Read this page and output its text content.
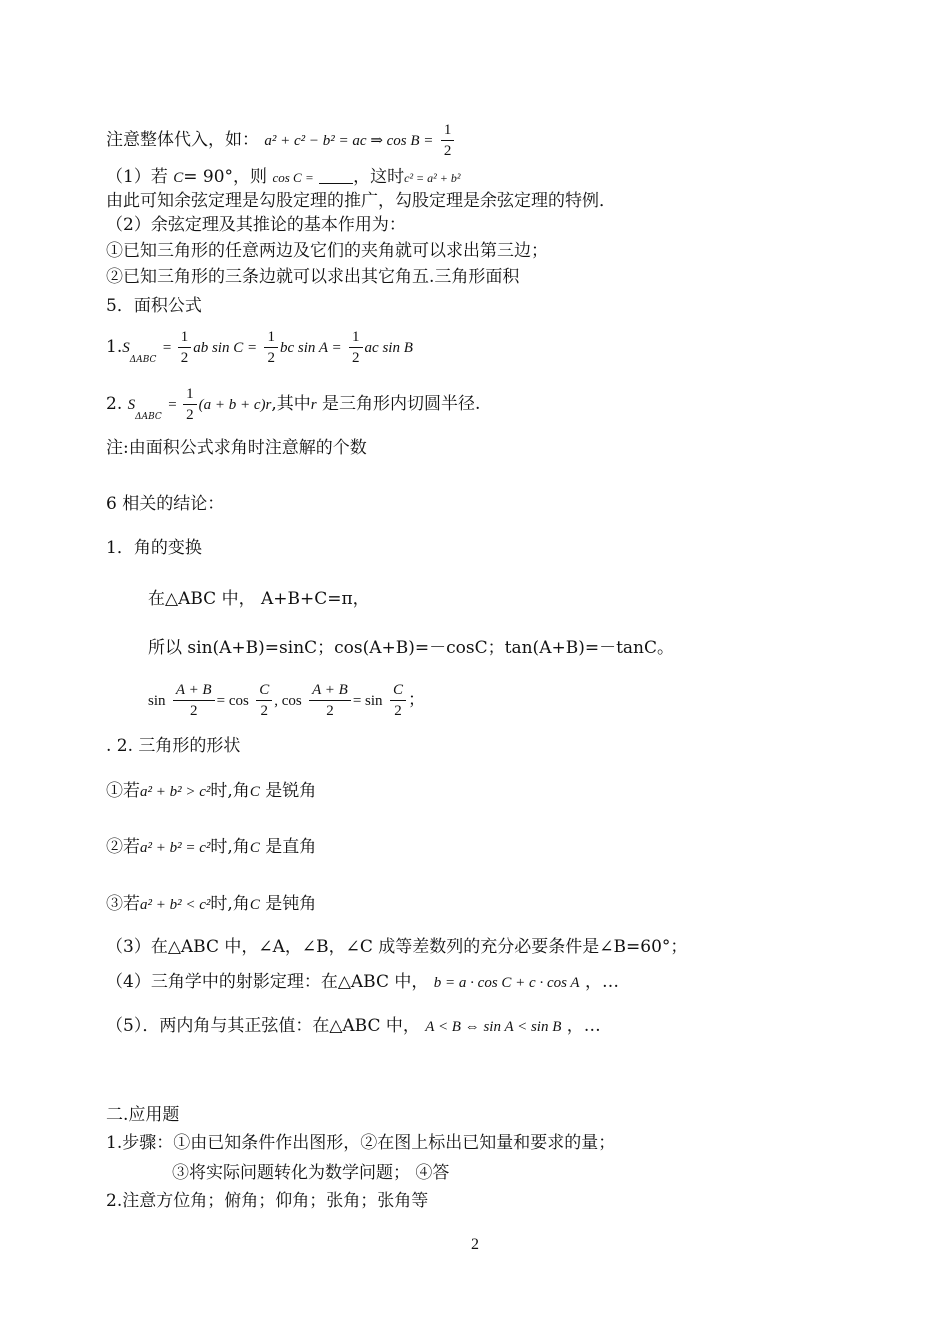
注意整体代入，如： a² + c² − b² = ac ⇒ $\cos B = \frac{1}{2}$
（1）若 C= 90°，则 cos C = ，这时c² = a² + b²
由此可知余弦定理是勾股定理的推广，勾股定理是余弦定理的特例．
（2）余弦定理及其推论的基本作用为：
①已知三角形的任意两边及它们的夹角就可以求出第三边；
②已知三角形的三条边就可以求出其它角五.三角形面积
5．面积公式
$1.S_{\Delta ABC} = \frac{1}{2}$ ab $\sin C = \frac{1}{2}$ bc $\sin A = \frac{1}{2}$ ac sin B
2. $S_{\Delta ABC} = \frac{1}{2} (a + b + c)r$,其中r 是三角形内切圆半径.
注:由面积公式求角时注意解的个数
6 相关的结论：
1．角的变换
在△ABC 中， A+B+C=π，
所以 sin(A+B)=sinC；cos(A+B)=－cosC；tan(A+B)=－tanC。
$\sin \frac{A + B}{2} = \cos \frac{C}{2}$ , $\cos \frac{A + B}{2} = \sin \frac{C}{2}$ ；
. 2. 三角形的形状
①若a² + b² > c²时,角C 是锐角
②若a² + b² = c²时,角C 是直角
③若a² + b² < c²时,角C 是钝角
（3）在△ABC 中，∠A，∠B，∠C 成等差数列的充分必要条件是∠B=60°；
（4）三角学中的射影定理：在△ABC 中， b = a · cos C + c · cos A ，…
（5）．两内角与其正弦值：在△ABC 中， A < B ⇔ sin A < sin B ，…
二.应用题
1.步骤：①由已知条件作出图形，②在图上标出已知量和要求的量；
③将实际问题转化为数学问题； ④答
2.注意方位角；俯角；仰角；张角；张角等
2
